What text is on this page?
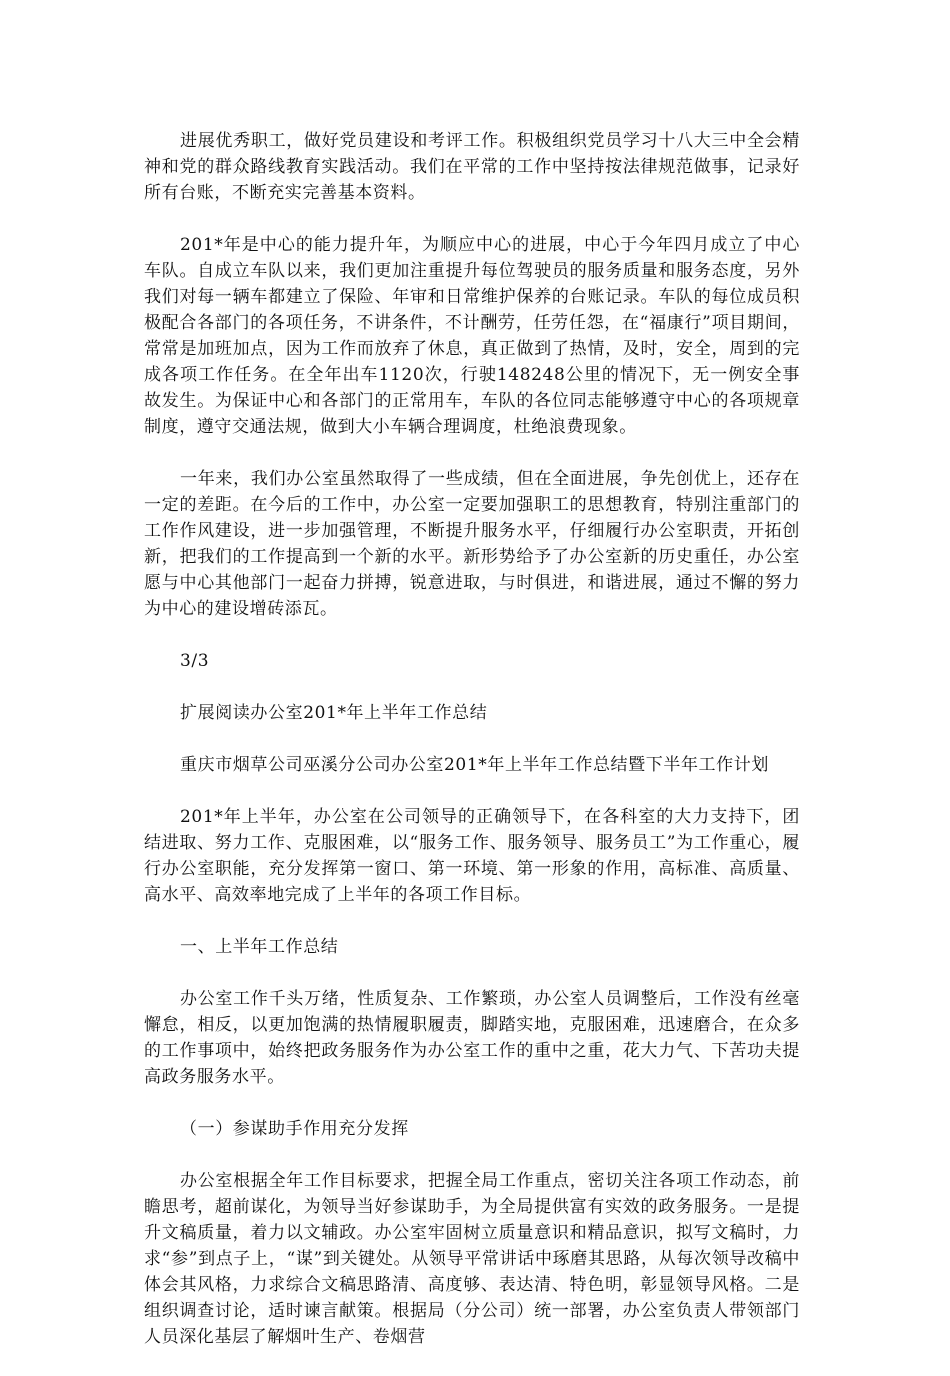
进展优秀职工，做好党员建设和考评工作。积极组织党员学习十八大三中全会精神和党的群众路线教育实践活动。我们在平常的工作中坚持按法律规范做事，记录好所有台账，不断充实完善基本资料。

201*年是中心的能力提升年，为顺应中心的进展，中心于今年四月成立了中心车队。自成立车队以来，我们更加注重提升每位驾驶员的服务质量和服务态度，另外我们对每一辆车都建立了保险、年审和日常维护保养的台账记录。车队的每位成员积极配合各部门的各项任务，不讲条件，不计酬劳，任劳任怨，在“福康行”项目期间，常常是加班加点，因为工作而放弃了休息，真正做到了热情，及时，安全，周到的完成各项工作任务。在全年出车1120次，行驶148248公里的情况下，无一例安全事故发生。为保证中心和各部门的正常用车，车队的各位同志能够遵守中心的各项规章制度，遵守交通法规，做到大小车辆合理调度，杜绝浪费现象。

一年来，我们办公室虽然取得了一些成绩，但在全面进展，争先创优上，还存在一定的差距。在今后的工作中，办公室一定要加强职工的思想教育，特别注重部门的工作作风建设，进一步加强管理，不断提升服务水平，仔细履行办公室职责，开拓创新，把我们的工作提高到一个新的水平。新形势给予了办公室新的历史重任，办公室愿与中心其他部门一起奋力拼搏，锐意进取，与时俱进，和谐进展，通过不懈的努力为中心的建设增砖添瓦。

3/3

扩展阅读办公室201*年上半年工作总结

重庆市烟草公司巫溪分公司办公室201*年上半年工作总结暨下半年工作计划

201*年上半年，办公室在公司领导的正确领导下，在各科室的大力支持下，团结进取、努力工作、克服困难，以“服务工作、服务领导、服务员工”为工作重心，履行办公室职能，充分发挥第一窗口、第一环境、第一形象的作用，高标准、高质量、高水平、高效率地完成了上半年的各项工作目标。

一、上半年工作总结

办公室工作千头万绪，性质复杂、工作繁琐，办公室人员调整后，工作没有丝毫懈怠，相反，以更加饱满的热情履职履责，脚踏实地，克服困难，迅速磨合，在众多的工作事项中，始终把政务服务作为办公室工作的重中之重，花大力气、下苦功夫提高政务服务水平。

（一）参谋助手作用充分发挥

办公室根据全年工作目标要求，把握全局工作重点，密切关注各项工作动态，前瞻思考，超前谋化，为领导当好参谋助手，为全局提供富有实效的政务服务。一是提升文稿质量，着力以文辅政。办公室牢固树立质量意识和精品意识，拟写文稿时，力求“参”到点子上，“谋”到关键处。从领导平常讲话中琢磨其思路，从每次领导改稿中体会其风格，力求综合文稿思路清、高度够、表达清、特色明，彰显领导风格。二是组织调查讨论，适时谏言献策。根据局（分公司）统一部署，办公室负责人带领部门人员深化基层了解烟叶生产、卷烟营
